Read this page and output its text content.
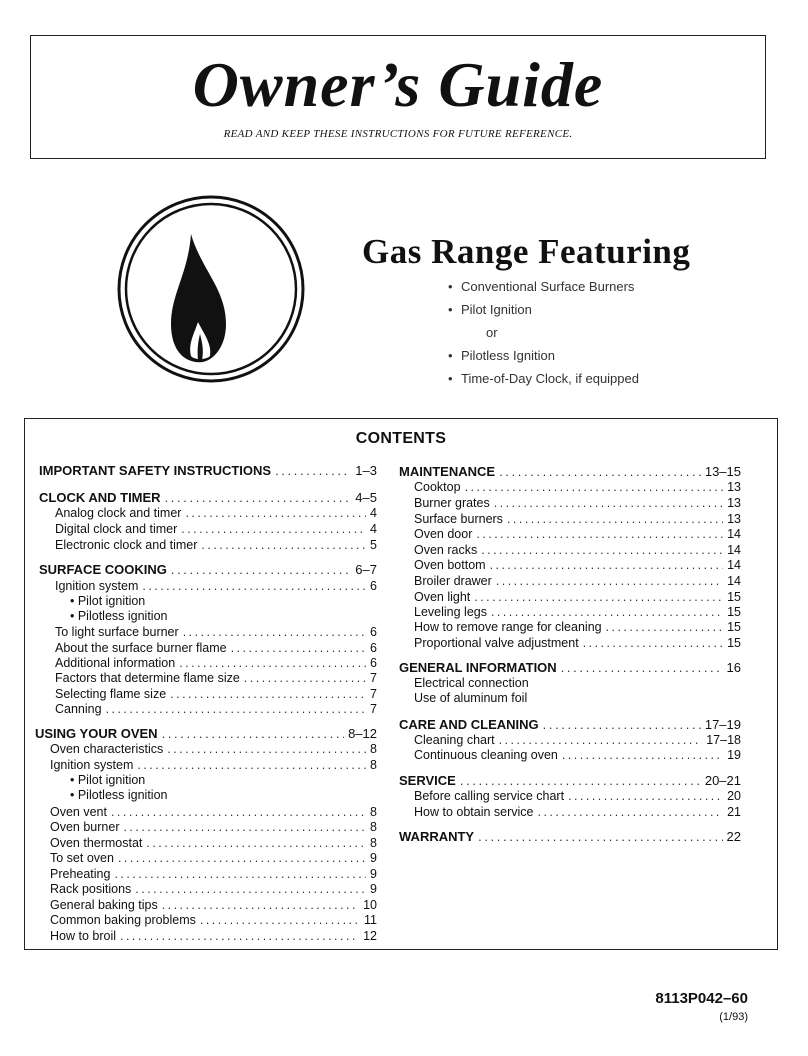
Owner’s Guide
READ AND KEEP THESE INSTRUCTIONS FOR FUTURE REFERENCE.
Gas Range Featuring
• Conventional Surface Burners
• Pilot Ignition
or
• Pilotless Ignition
• Time-of-Day Clock, if equipped
CONTENTS
IMPORTANT SAFETY INSTRUCTIONS . . .	1–3
CLOCK AND TIMER . . .	4–5
Analog clock and timer . . .	4
Digital clock and timer . . .	4
Electronic clock and timer . . .	5
SURFACE COOKING . . .	6–7
Ignition system . . .	6
• Pilot ignition
• Pilotless ignition
To light surface burner . . .	6
About the surface burner flame . . .	6
Additional information . . .	6
Factors that determine flame size . . .	7
Selecting flame size . . .	7
Canning . . .	7
USING YOUR OVEN . . .	8–12
Oven characteristics . . .	8
Ignition system . . .	8
• Pilot ignition
• Pilotless ignition
Oven vent . . .	8
Oven burner . . .	8
Oven thermostat . . .	8
To set oven . . .	9
Preheating . . .	9
Rack positions . . .	9
General baking tips . . .	10
Common baking problems . . .	11
How to broil . . .	12
MAINTENANCE . . .	13–15
Cooktop . . .	13
Burner grates . . .	13
Surface burners . . .	13
Oven door . . .	14
Oven racks . . .	14
Oven bottom . . .	14
Broiler drawer . . .	14
Oven light . . .	15
Leveling legs . . .	15
How to remove range for cleaning . . .	15
Proportional valve adjustment . . .	15
GENERAL INFORMATION . . .	16
Electrical connection
Use of aluminum foil
CARE AND CLEANING . . .	17–19
Cleaning chart . . .	17–18
Continuous cleaning oven . . .	19
SERVICE . . .	20–21
Before calling service chart . . .	20
How to obtain service . . .	21
WARRANTY . . .	22
8113P042–60
(1/93)
